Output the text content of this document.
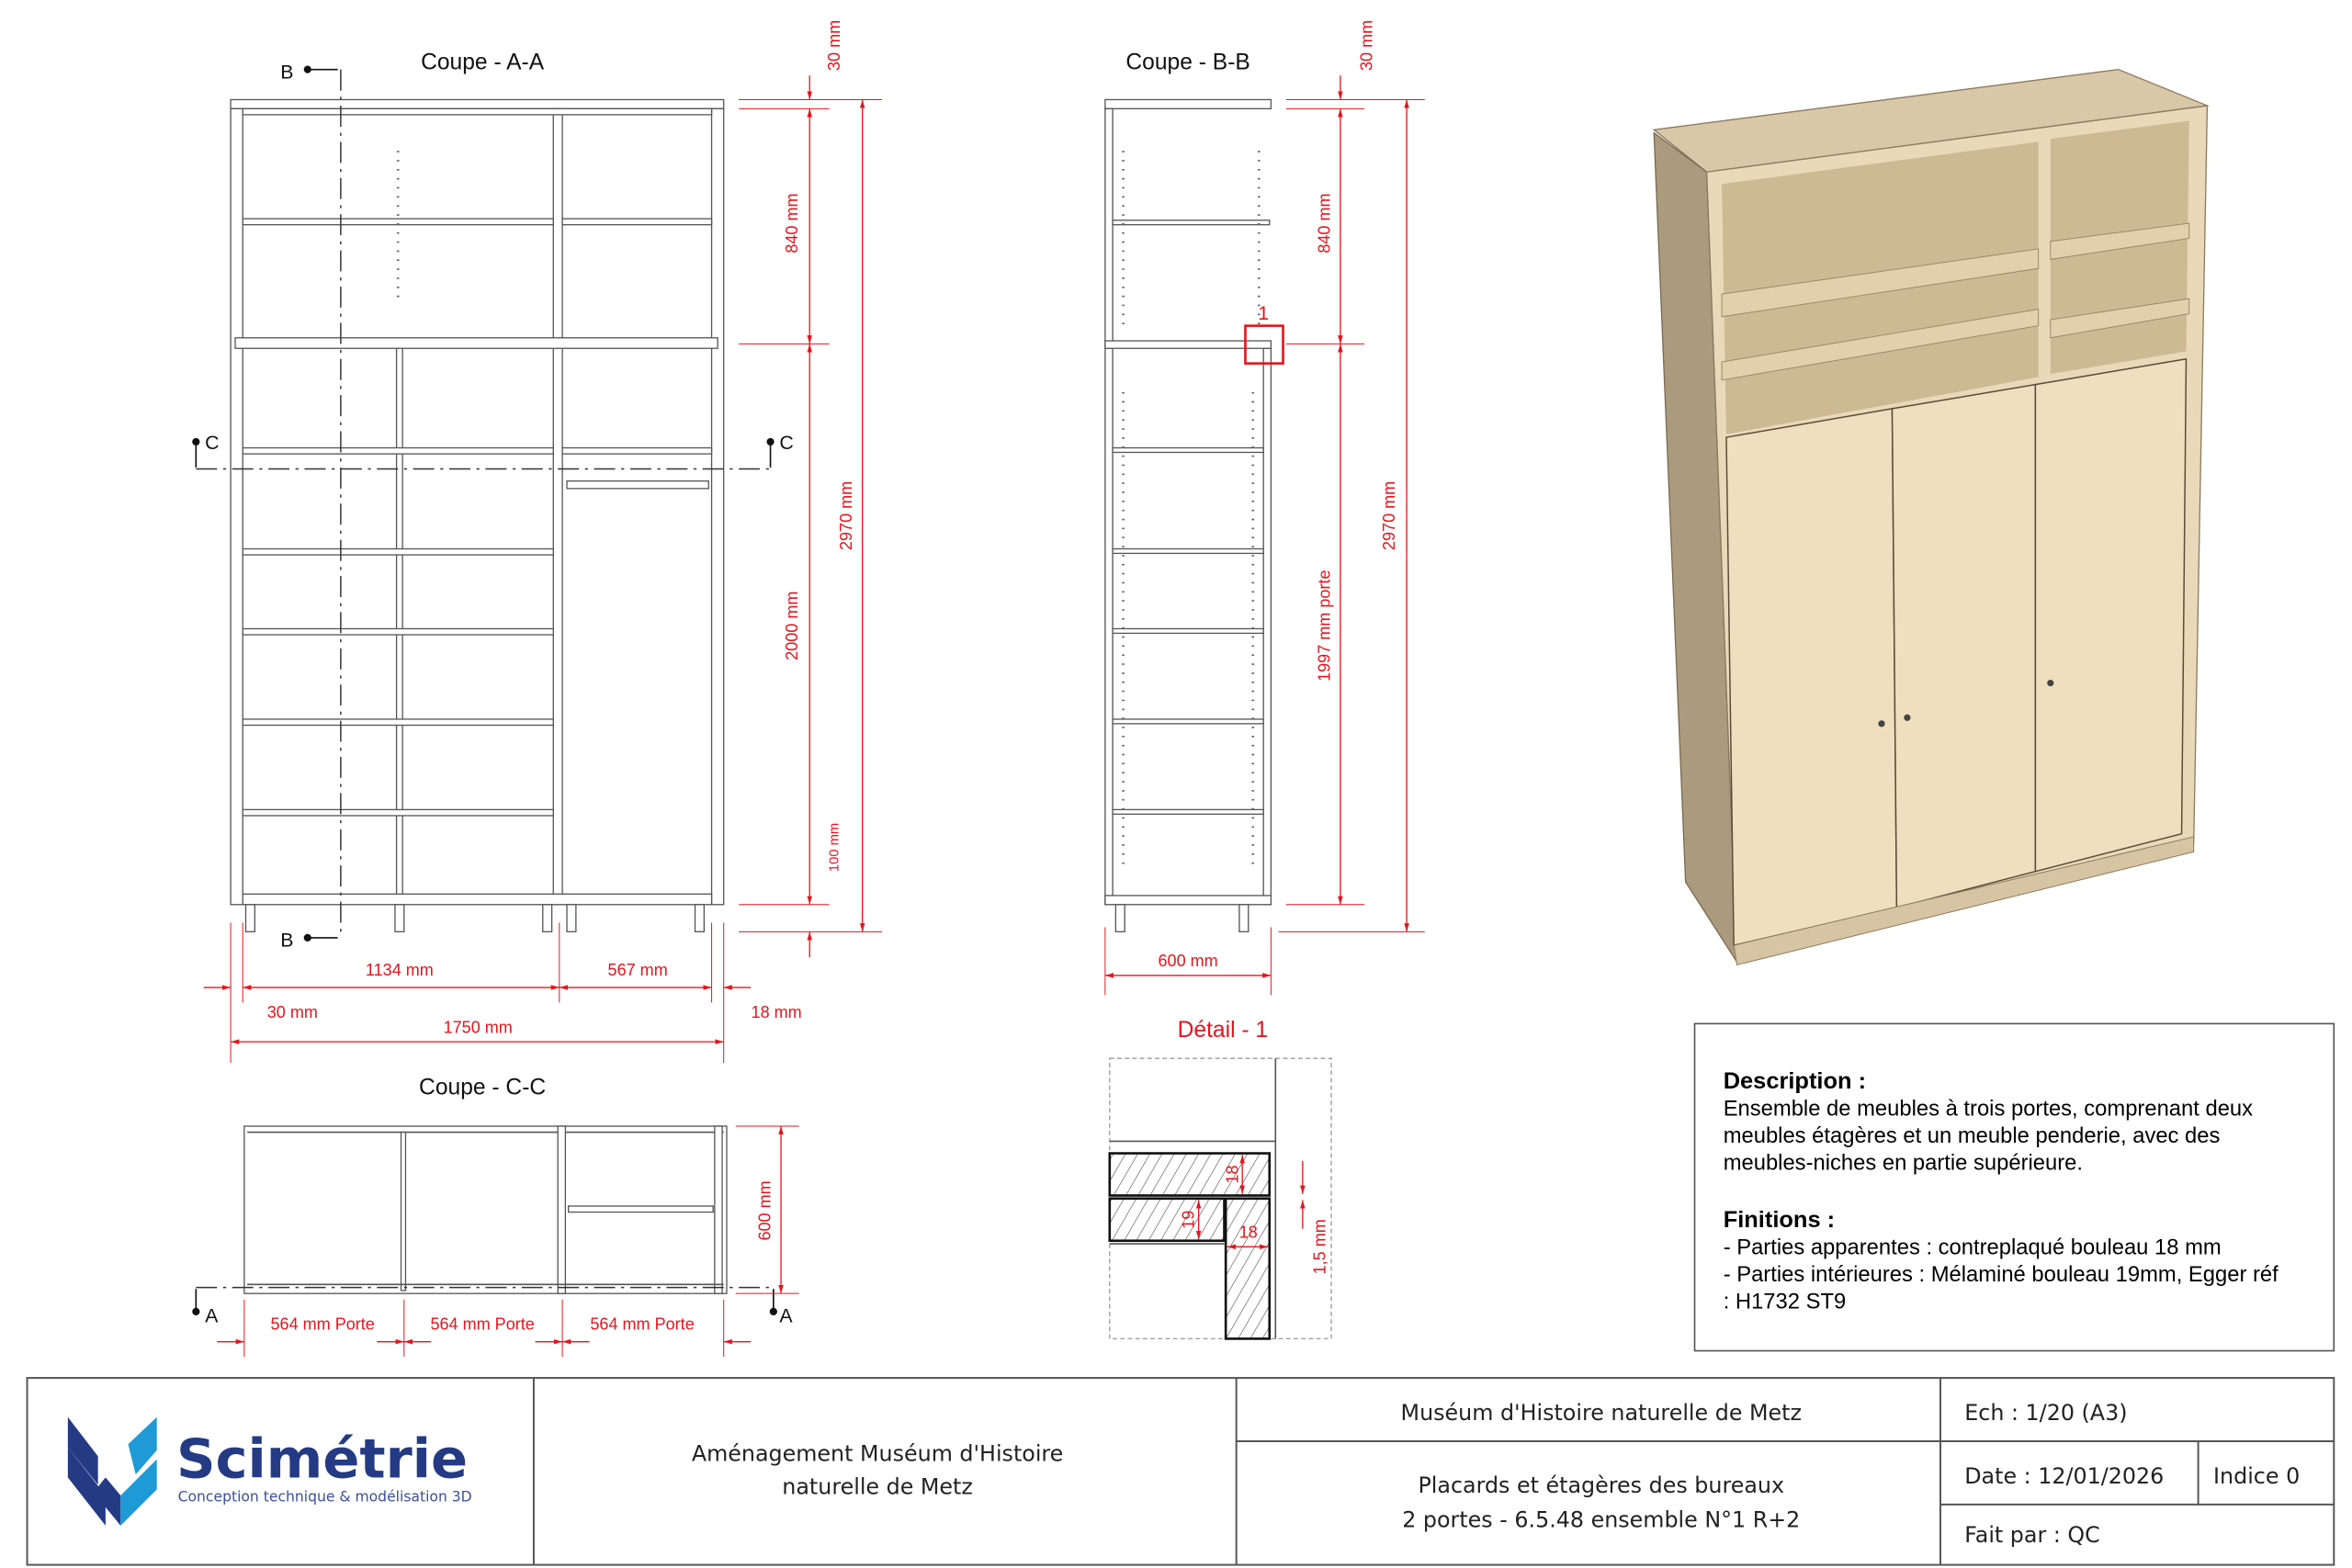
Coupe - A-A
B
B
C	C
30 mm
840 mm
2000 mm
100 mm
2970 mm
1134 mm	567 mm
30 mm	18 mm
1750 mm
Coupe - C-C
A	A
600 mm
564 mm Porte	564 mm Porte	564 mm Porte
Coupe - B-B
1
30 mm
840 mm
1997 mm porte
2970 mm
600 mm
Détail - 1
18
19
18	1,5 mm
Description :
Ensemble de meubles à trois portes, comprenant deux
meubles étagères et un meuble penderie, avec des
meubles-niches en partie supérieure.
Finitions :
- Parties apparentes : contreplaqué bouleau 18 mm
- Parties intérieures : Mélaminé bouleau 19mm, Egger réf
: H1732 ST9
Scimétrie
Conception technique & modélisation 3D
Aménagement Muséum d'Histoire
naturelle de Metz
Muséum d'Histoire naturelle de Metz
Placards et étagères des bureaux
2 portes - 6.5.48 ensemble N°1 R+2
Ech : 1/20 (A3)
Date : 12/01/2026	Indice 0
Fait par : QC
